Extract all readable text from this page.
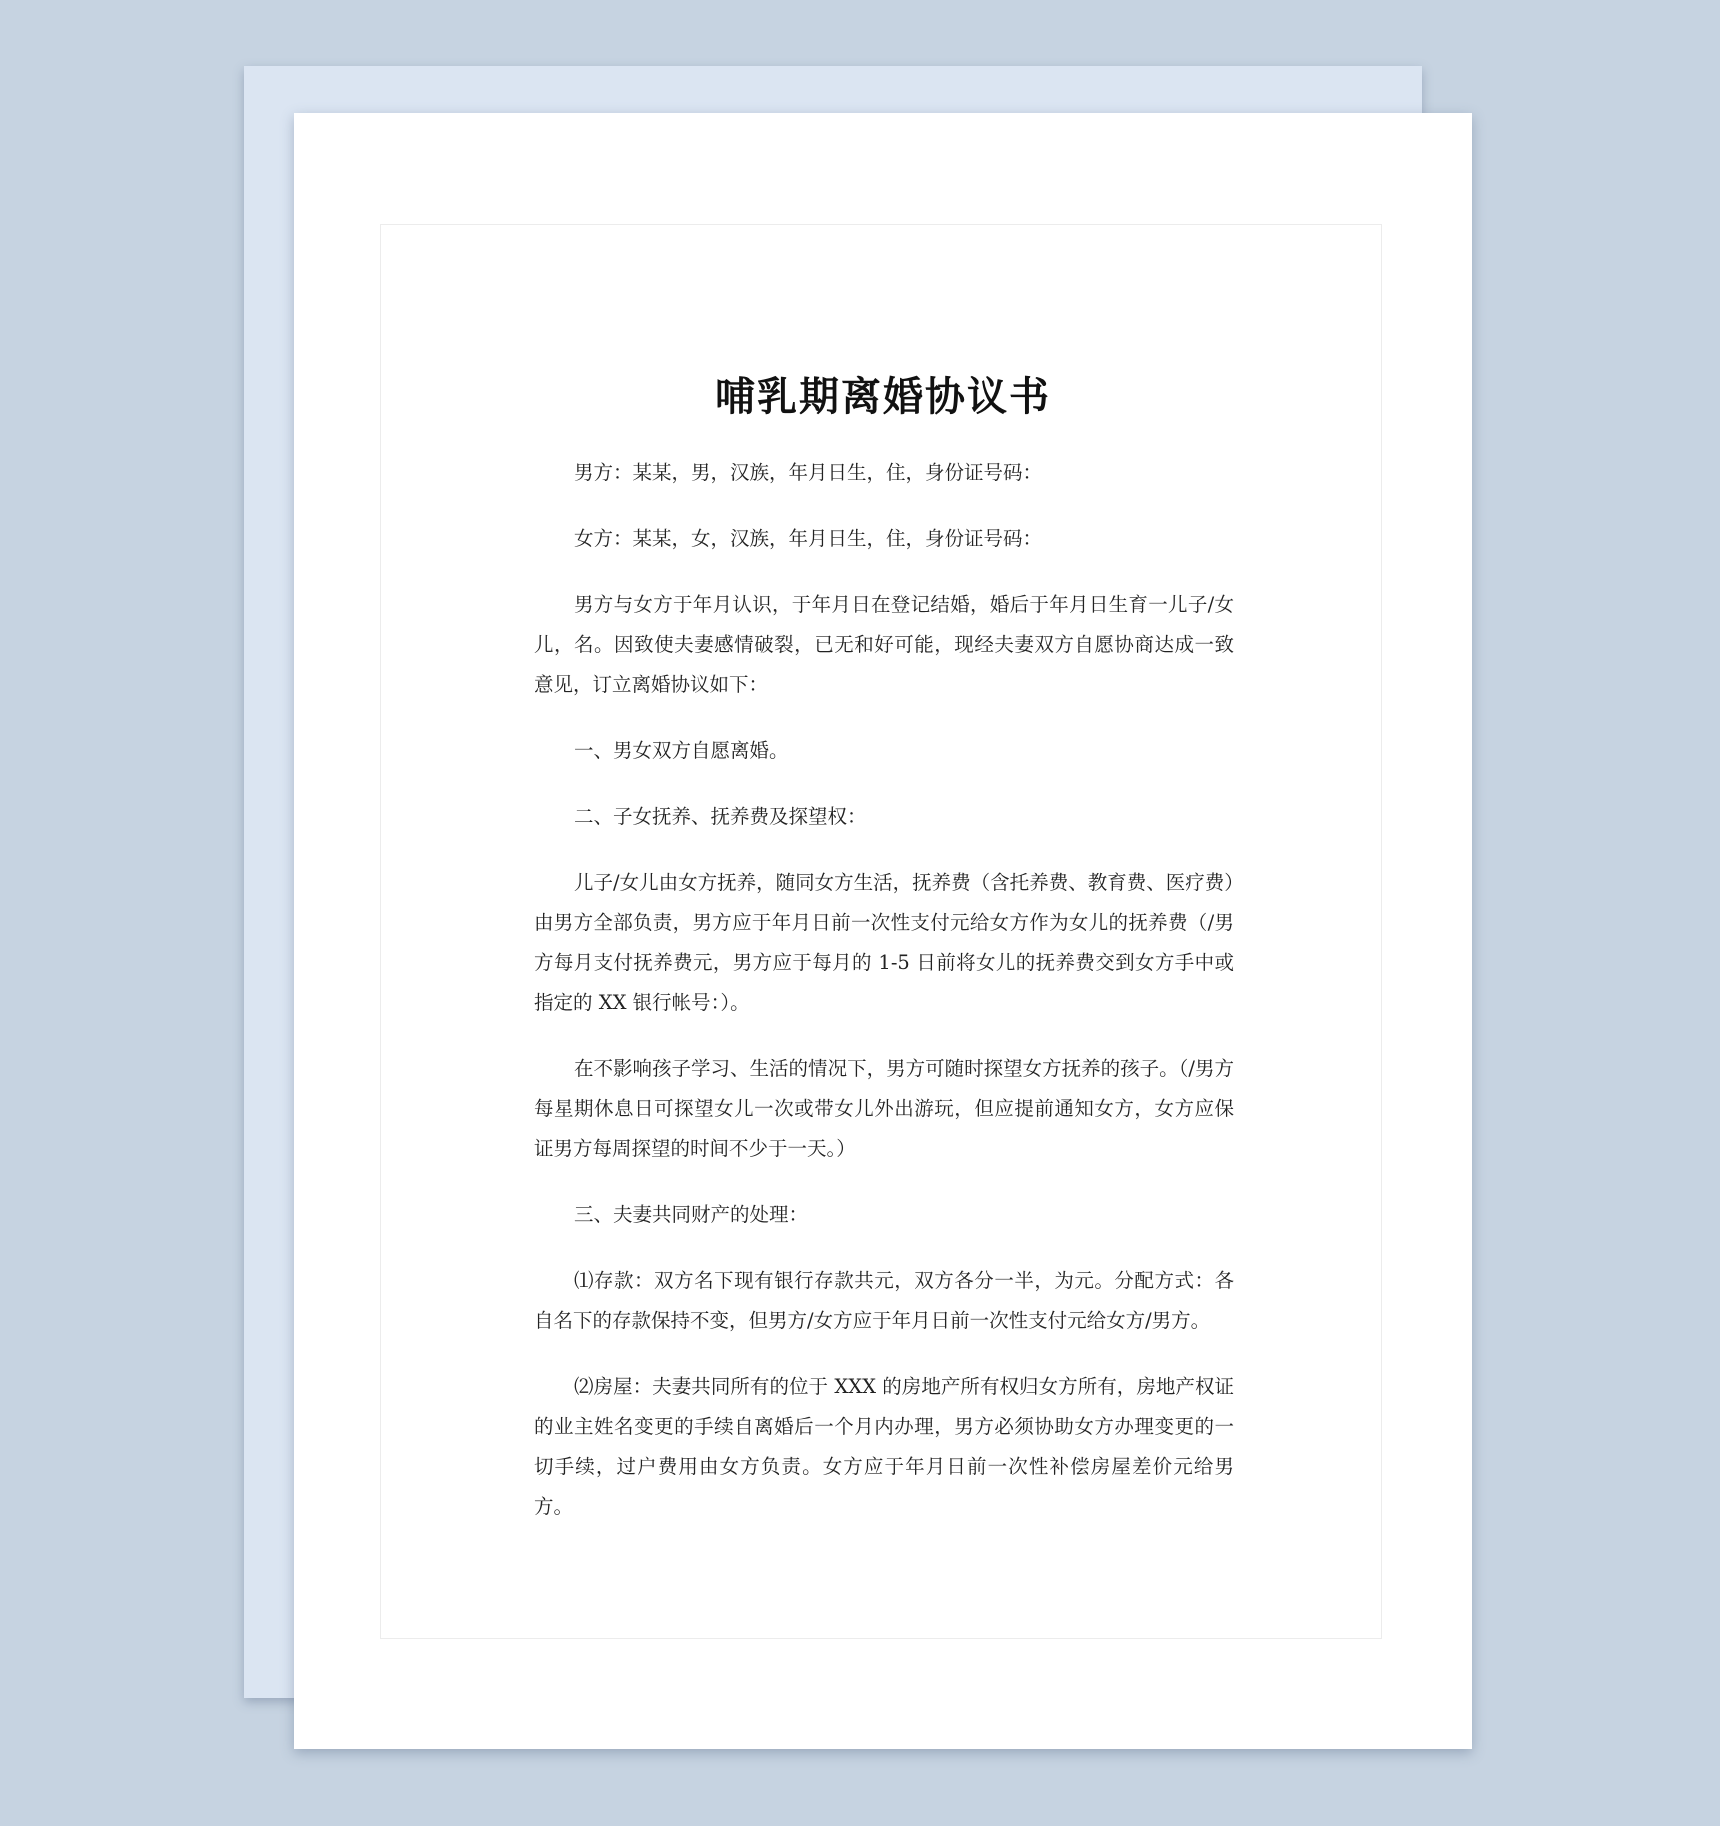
哺乳期离婚协议书

男方：某某，男，汉族，年月日生，住，身份证号码：

女方：某某，女，汉族，年月日生，住，身份证号码：

男方与女方于年月认识，于年月日在登记结婚，婚后于年月日生育一儿子/女儿，名。因致使夫妻感情破裂，已无和好可能，现经夫妻双方自愿协商达成一致意见，订立离婚协议如下：

一、男女双方自愿离婚。

二、子女抚养、抚养费及探望权：

儿子/女儿由女方抚养，随同女方生活，抚养费（含托养费、教育费、医疗费）由男方全部负责，男方应于年月日前一次性支付元给女方作为女儿的抚养费（/男方每月支付抚养费元，男方应于每月的 1-5 日前将女儿的抚养费交到女方手中或指定的 XX 银行帐号：）。

在不影响孩子学习、生活的情况下，男方可随时探望女方抚养的孩子。（/男方每星期休息日可探望女儿一次或带女儿外出游玩，但应提前通知女方，女方应保证男方每周探望的时间不少于一天。）

三、夫妻共同财产的处理：

⑴存款：双方名下现有银行存款共元，双方各分一半，为元。分配方式：各自名下的存款保持不变，但男方/女方应于年月日前一次性支付元给女方/男方。

⑵房屋：夫妻共同所有的位于 XXX 的房地产所有权归女方所有，房地产权证的业主姓名变更的手续自离婚后一个月内办理，男方必须协助女方办理变更的一切手续，过户费用由女方负责。女方应于年月日前一次性补偿房屋差价元给男方。
